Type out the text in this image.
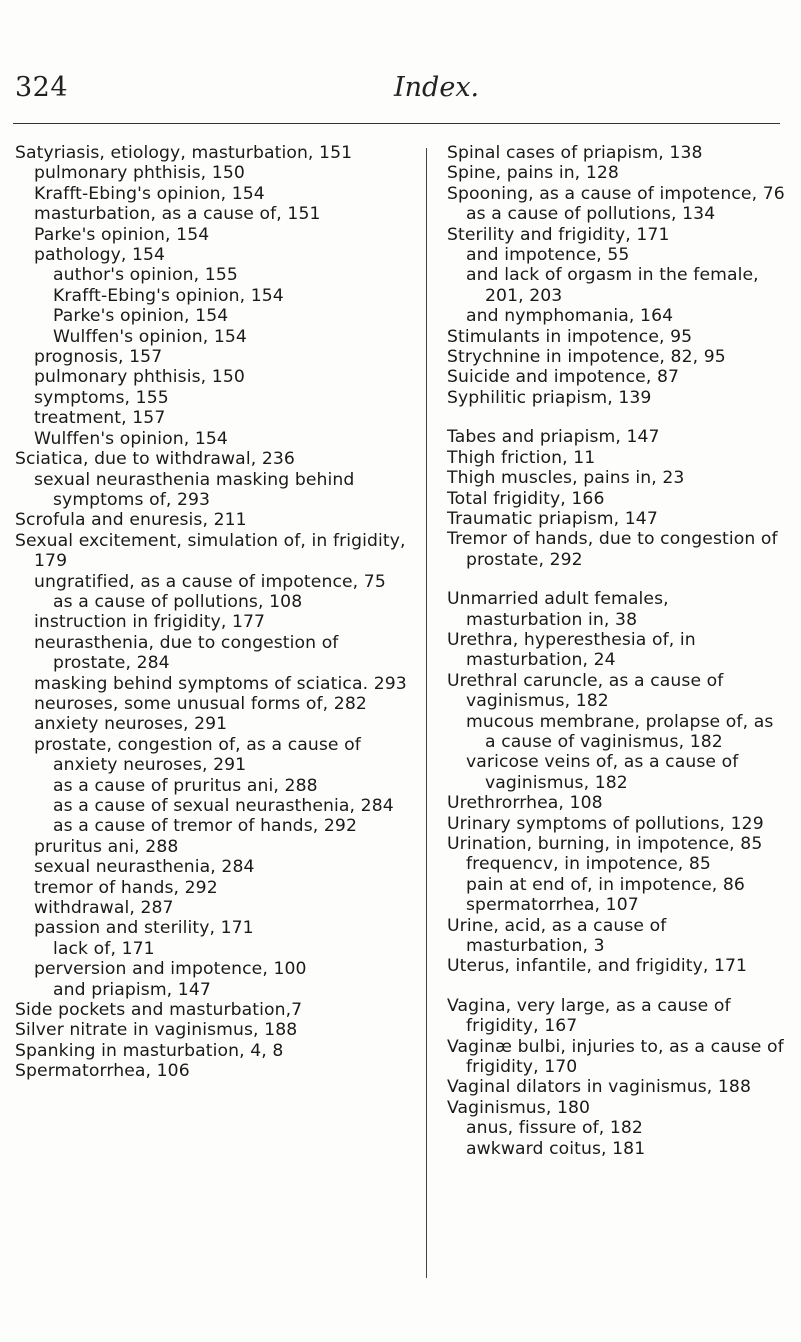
324	Index.

Satyriasis, etiology, masturbation, 151

pulmonary phthisis, 150

Krafft-Ebing's opinion, 154

masturbation, as a cause of, 151

Parke's opinion, 154

pathology, 154

author's opinion, 155

Krafft-Ebing's opinion, 154

Parke's opinion, 154

Wulffen's opinion, 154

prognosis, 157

pulmonary phthisis, 150

symptoms, 155

treatment, 157

Wulffen's opinion, 154

Sciatica, due to withdrawal, 236

sexual neurasthenia masking behind symptoms of, 293

Scrofula and enuresis, 211

Sexual excitement, simulation of, in frigidity, 179

ungratified, as a cause of impotence, 75

as a cause of pollutions, 108

instruction in frigidity, 177

neurasthenia, due to congestion of prostate, 284

masking behind symptoms of sciatica. 293

neuroses, some unusual forms of, 282

anxiety neuroses, 291

prostate, congestion of, as a cause of anxiety neuroses, 291

as a cause of pruritus ani, 288

as a cause of sexual neurasthenia, 284

as a cause of tremor of hands, 292

pruritus ani, 288

sexual neurasthenia, 284

tremor of hands, 292

withdrawal, 287

passion and sterility, 171

lack of, 171

perversion and impotence, 100

and priapism, 147

Side pockets and masturbation,7

Silver nitrate in vaginismus, 188

Spanking in masturbation, 4, 8

Spermatorrhea, 106

Spinal cases of priapism, 138

Spine, pains in, 128

Spooning, as a cause of impotence, 76

as a cause of pollutions, 134

Sterility and frigidity, 171

and impotence, 55

and lack of orgasm in the female, 201, 203

and nymphomania, 164

Stimulants in impotence, 95

Strychnine in impotence, 82, 95

Suicide and impotence, 87

Syphilitic priapism, 139

Tabes and priapism, 147

Thigh friction, 11

Thigh muscles, pains in, 23

Total frigidity, 166

Traumatic priapism, 147

Tremor of hands, due to congestion of prostate, 292

Unmarried adult females, masturbation in, 38

Urethra, hyperesthesia of, in masturbation, 24

Urethral caruncle, as a cause of vaginismus, 182

mucous membrane, prolapse of, as a cause of vaginismus, 182

varicose veins of, as a cause of vaginismus, 182

Urethrorrhea, 108

Urinary symptoms of pollutions, 129

Urination, burning, in impotence, 85

frequencv, in impotence, 85

pain at end of, in impotence, 86

spermatorrhea, 107

Urine, acid, as a cause of masturbation, 3

Uterus, infantile, and frigidity, 171

Vagina, very large, as a cause of frigidity, 167

Vaginæ bulbi, injuries to, as a cause of frigidity, 170

Vaginal dilators in vaginismus, 188

Vaginismus, 180

anus, fissure of, 182

awkward coitus, 181
